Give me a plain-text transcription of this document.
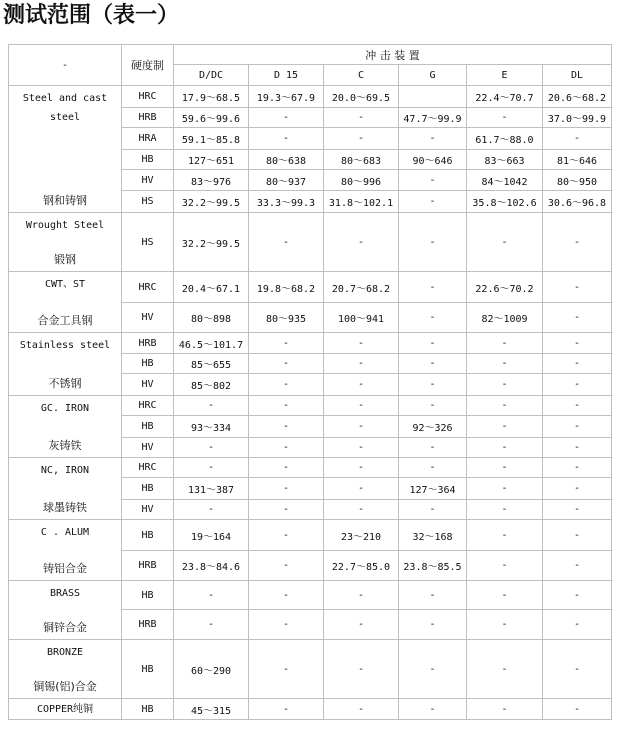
测试范围（表一）
-	硬度制	冲 击 装 置					
		D/DC	D 15	C	G	E	DL

Steel and cast steel
钢和铸钢	HRC	17.9～68.5	19.3～67.9	20.0～69.5		22.4～70.7	20.6～68.2
	HRB	59.6～99.6	-	-	47.7～99.9	-	37.0～99.9
	HRA	59.1～85.8	-	-	-	61.7～88.0	-
	HB	127～651	80～638	80～683	90～646	83～663	81～646
	HV	83～976	80～937	80～996	-	84～1042	80～950
	HS	32.2～99.5	33.3～99.3	31.8～102.1	-	35.8～102.6	30.6～96.8

Wrought Steel
锻钢	HS	32.2～99.5	-	-	-	-	-

CWT、ST
合金工具钢	HRC	20.4～67.1	19.8～68.2	20.7～68.2	-	22.6～70.2	-
	HV	80～898	80～935	100～941	-	82～1009	-

Stainless steel
不锈钢	HRB	46.5～101.7	-	-	-	-	-
	HB	85～655	-	-	-	-	-
	HV	85～802	-	-	-	-	-

GC. IRON
灰铸铁	HRC	-	-	-	-	-	-
	HB	93～334	-	-	92～326	-	-
	HV	-	-	-	-	-	-

NC, IRON
球墨铸铁	HRC	-	-	-	-	-	-
	HB	131～387	-	-	127～364	-	-
	HV	-	-	-	-	-	-

C . ALUM
铸铝合金	HB	19～164	-	23～210	32～168	-	-
	HRB	23.8～84.6	-	22.7～85.0	23.8～85.5	-	-

BRASS
铜锌合金	HB	-	-	-	-	-	-
	HRB	-	-	-	-	-	-

BRONZE
铜锡(铝)合金	HB	60～290	-	-	-	-	-

COPPER纯铜	HB	45～315	-	-	-	-	-
